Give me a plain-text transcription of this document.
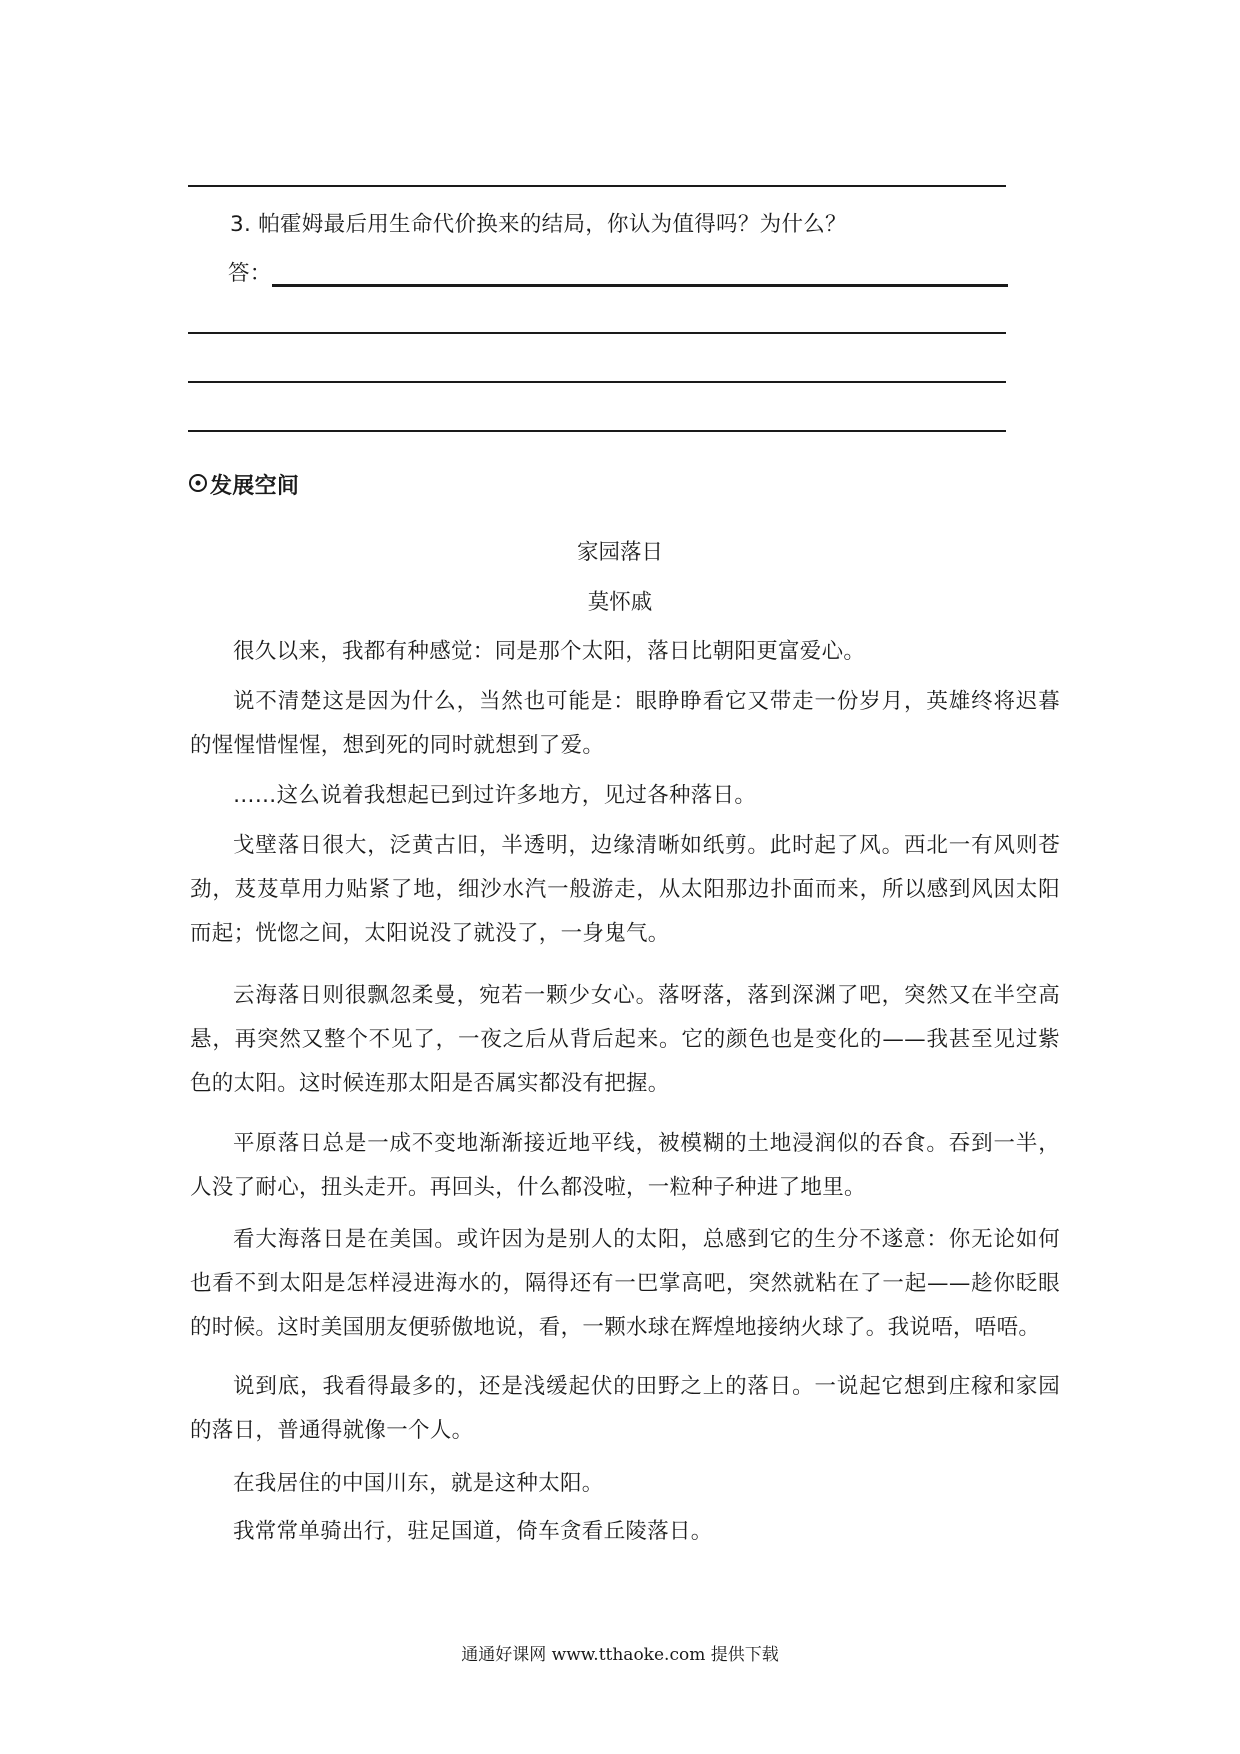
3. 帕霍姆最后用生命代价换来的结局，你认为值得吗？为什么？
答：
发展空间
家园落日
莫怀戚
很久以来，我都有种感觉：同是那个太阳，落日比朝阳更富爱心。
说不清楚这是因为什么，当然也可能是：眼睁睁看它又带走一份岁月，英雄终将迟暮的惺惺惜惺惺，想到死的同时就想到了爱。
……这么说着我想起已到过许多地方，见过各种落日。
戈壁落日很大，泛黄古旧，半透明，边缘清晰如纸剪。此时起了风。西北一有风则苍劲，芨芨草用力贴紧了地，细沙水汽一般游走，从太阳那边扑面而来，所以感到风因太阳而起；恍惚之间，太阳说没了就没了，一身鬼气。
云海落日则很飘忽柔曼，宛若一颗少女心。落呀落，落到深渊了吧，突然又在半空高悬，再突然又整个不见了，一夜之后从背后起来。它的颜色也是变化的——我甚至见过紫色的太阳。这时候连那太阳是否属实都没有把握。
平原落日总是一成不变地渐渐接近地平线，被模糊的土地浸润似的吞食。吞到一半，人没了耐心，扭头走开。再回头，什么都没啦，一粒种子种进了地里。
看大海落日是在美国。或许因为是别人的太阳，总感到它的生分不遂意：你无论如何也看不到太阳是怎样浸进海水的，隔得还有一巴掌高吧，突然就粘在了一起——趁你眨眼的时候。这时美国朋友便骄傲地说，看，一颗水球在辉煌地接纳火球了。我说唔，唔唔。
说到底，我看得最多的，还是浅缓起伏的田野之上的落日。一说起它想到庄稼和家园的落日，普通得就像一个人。
在我居住的中国川东，就是这种太阳。
我常常单骑出行，驻足国道，倚车贪看丘陵落日。
通通好课网 www.tthaoke.com 提供下载
